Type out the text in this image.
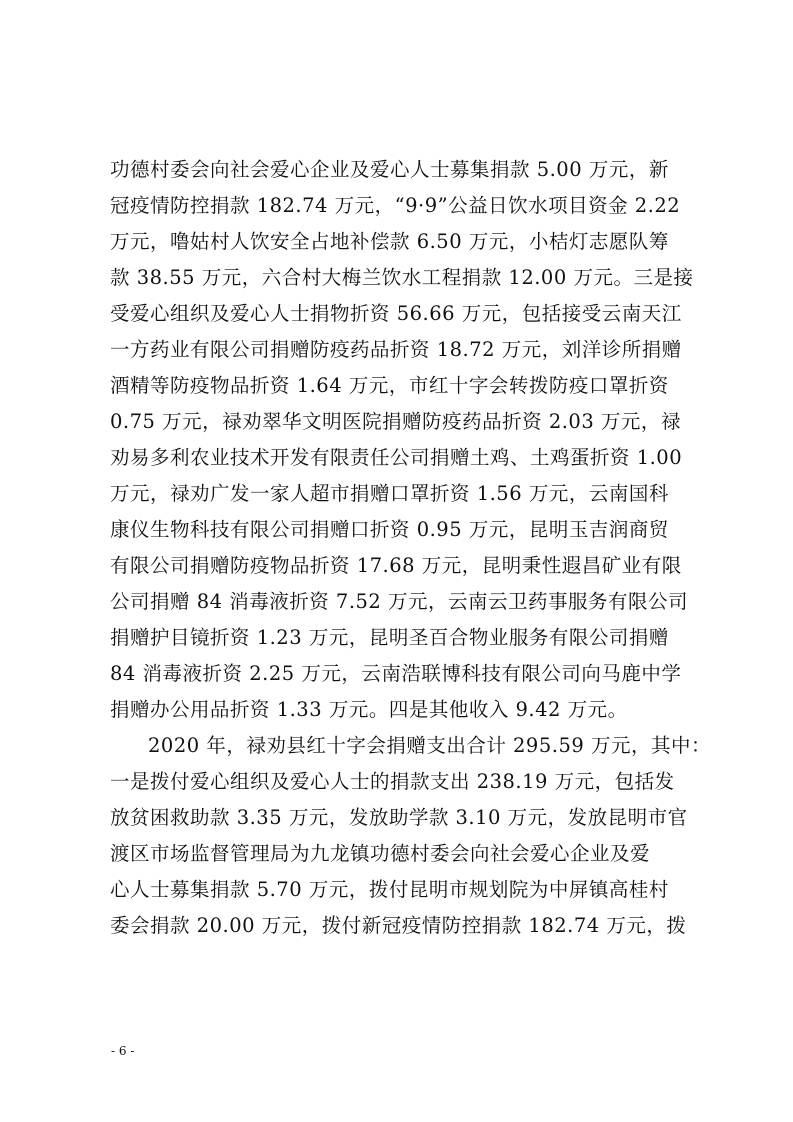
功德村委会向社会爱心企业及爱心人士募集捐款 5.00 万元，新
冠疫情防控捐款 182.74 万元，“9·9”公益日饮水项目资金 2.22
万元，噜姑村人饮安全占地补偿款 6.50 万元，小桔灯志愿队筹
款 38.55 万元，六合村大梅兰饮水工程捐款 12.00 万元。三是接
受爱心组织及爱心人士捐物折资 56.66 万元，包括接受云南天江
一方药业有限公司捐赠防疫药品折资 18.72 万元，刘洋诊所捐赠
酒精等防疫物品折资 1.64 万元，市红十字会转拨防疫口罩折资
0.75 万元，禄劝翠华文明医院捐赠防疫药品折资 2.03 万元，禄
劝易多利农业技术开发有限责任公司捐赠土鸡、土鸡蛋折资 1.00
万元，禄劝广发一家人超市捐赠口罩折资 1.56 万元，云南国科
康仪生物科技有限公司捐赠口折资 0.95 万元，昆明玉吉润商贸
有限公司捐赠防疫物品折资 17.68 万元，昆明秉性遐昌矿业有限
公司捐赠 84 消毒液折资 7.52 万元，云南云卫药事服务有限公司
捐赠护目镜折资 1.23 万元，昆明圣百合物业服务有限公司捐赠
84 消毒液折资 2.25 万元，云南浩联博科技有限公司向马鹿中学
捐赠办公用品折资 1.33 万元。四是其他收入 9.42 万元。
2020 年，禄劝县红十字会捐赠支出合计 295.59 万元，其中：
一是拨付爱心组织及爱心人士的捐款支出 238.19 万元，包括发
放贫困救助款 3.35 万元，发放助学款 3.10 万元，发放昆明市官
渡区市场监督管理局为九龙镇功德村委会向社会爱心企业及爱
心人士募集捐款 5.70 万元，拨付昆明市规划院为中屏镇高桂村
委会捐款 20.00 万元，拨付新冠疫情防控捐款 182.74 万元，拨
- 6 -
